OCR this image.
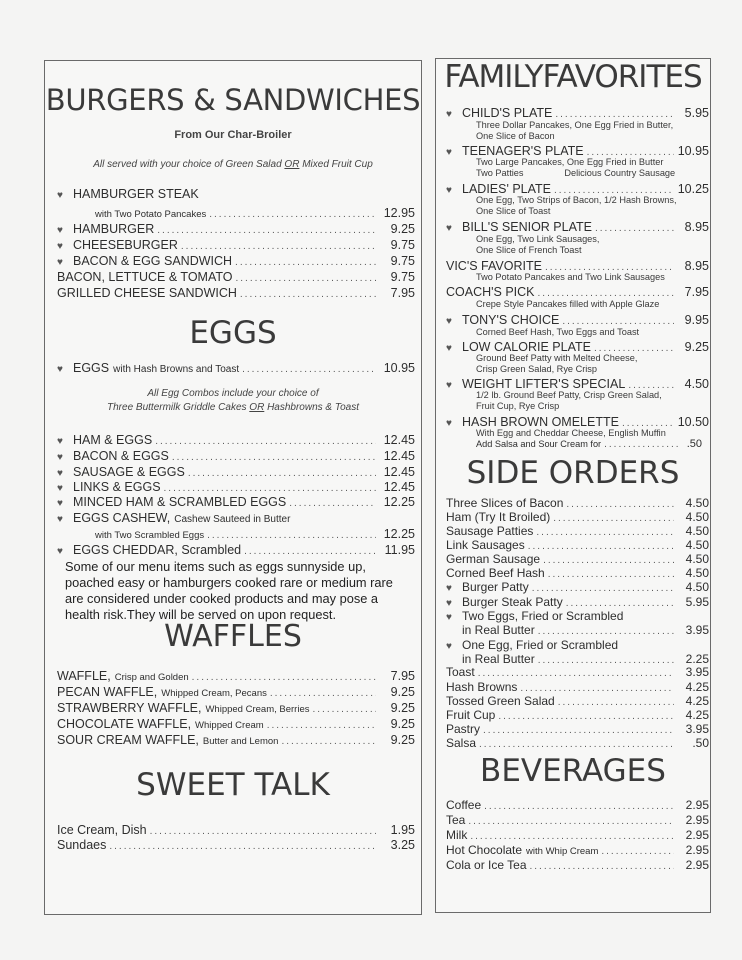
BURGERS & SANDWICHES
From Our Char-Broiler
All served with your choice of Green Salad OR Mixed Fruit Cup
♥ HAMBURGER STEAK
with Two Potato Pancakes .....	12.95
♥ HAMBURGER .....	9.25
♥ CHEESEBURGER .....	9.75
♥ BACON & EGG SANDWICH .....	9.75
BACON, LETTUCE & TOMATO .....	9.75
GRILLED CHEESE SANDWICH .....	7.95
EGGS
♥ EGGS with Hash Browns and Toast .....	10.95
All Egg Combos include your choice of
Three Buttermilk Griddle Cakes OR Hashbrowns & Toast
♥ HAM & EGGS .....	12.45
♥ BACON & EGGS .....	12.45
♥ SAUSAGE & EGGS .....	12.45
♥ LINKS & EGGS .....	12.45
♥ MINCED HAM & SCRAMBLED EGGS .....	12.25
♥ EGGS CASHEW, Cashew Sauteed in Butter
with Two Scrambled Eggs .....	12.25
♥ EGGS CHEDDAR, Scrambled .....	11.95
Some of our menu items such as eggs sunnyside up, poached easy or hamburgers cooked rare or medium rare are considered under cooked products and may pose a health risk.They will be served on upon request.
WAFFLES
WAFFLE, Crisp and Golden .....	7.95
PECAN WAFFLE, Whipped Cream, Pecans .....	9.25
STRAWBERRY WAFFLE, Whipped Cream, Berries .....	9.25
CHOCOLATE WAFFLE, Whipped Cream .....	9.25
SOUR CREAM WAFFLE, Butter and Lemon .....	9.25
SWEET TALK
Ice Cream, Dish .....	1.95
Sundaes .....	3.25
FAMILYFAVORITES
♥ CHILD'S PLATE .....	5.95
Three Dollar Pancakes, One Egg Fried in Butter,
One Slice of Bacon
♥ TEENAGER'S PLATE .....	10.95
Two Large Pancakes, One Egg Fried in Butter
Two Patties                Delicious Country Sausage
♥ LADIES' PLATE .....	10.25
One Egg, Two Strips of Bacon, 1/2 Hash Browns,
One Slice of Toast
♥ BILL'S SENIOR PLATE .....	8.95
One Egg, Two Link Sausages,
One Slice of French Toast
VIC'S FAVORITE .....	8.95
Two Potato Pancakes and Two Link Sausages
COACH'S PICK .....	7.95
Crepe Style Pancakes filled with Apple Glaze
♥ TONY'S CHOICE .....	9.95
Corned Beef Hash, Two Eggs and Toast
♥ LOW CALORIE PLATE .....	9.25
Ground Beef Patty with Melted Cheese,
Crisp Green Salad, Rye Crisp
♥ WEIGHT LIFTER'S SPECIAL .....	4.50
1/2 lb. Ground Beef Patty, Crisp Green Salad,
Fruit Cup, Rye Crisp
♥ HASH BROWN OMELETTE .....	10.50
With Egg and Cheddar Cheese, English Muffin
Add Salsa and Sour Cream for .....	.50
SIDE ORDERS
Three Slices of Bacon .....	4.50
Ham (Try It Broiled) .....	4.50
Sausage Patties .....	4.50
Link Sausages .....	4.50
German Sausage .....	4.50
Corned Beef Hash .....	4.50
♥ Burger Patty .....	4.50
♥ Burger Steak Patty .....	5.95
♥ Two Eggs, Fried or Scrambled
in Real Butter .....	3.95
♥ One Egg, Fried or Scrambled
in Real Butter .....	2.25
Toast .....	3.95
Hash Browns .....	4.25
Tossed Green Salad .....	4.25
Fruit Cup .....	4.25
Pastry .....	3.95
Salsa .....	.50
BEVERAGES
Coffee .....	2.95
Tea .....	2.95
Milk .....	2.95
Hot Chocolate with Whip Cream .....	2.95
Cola or Ice Tea .....	2.95
